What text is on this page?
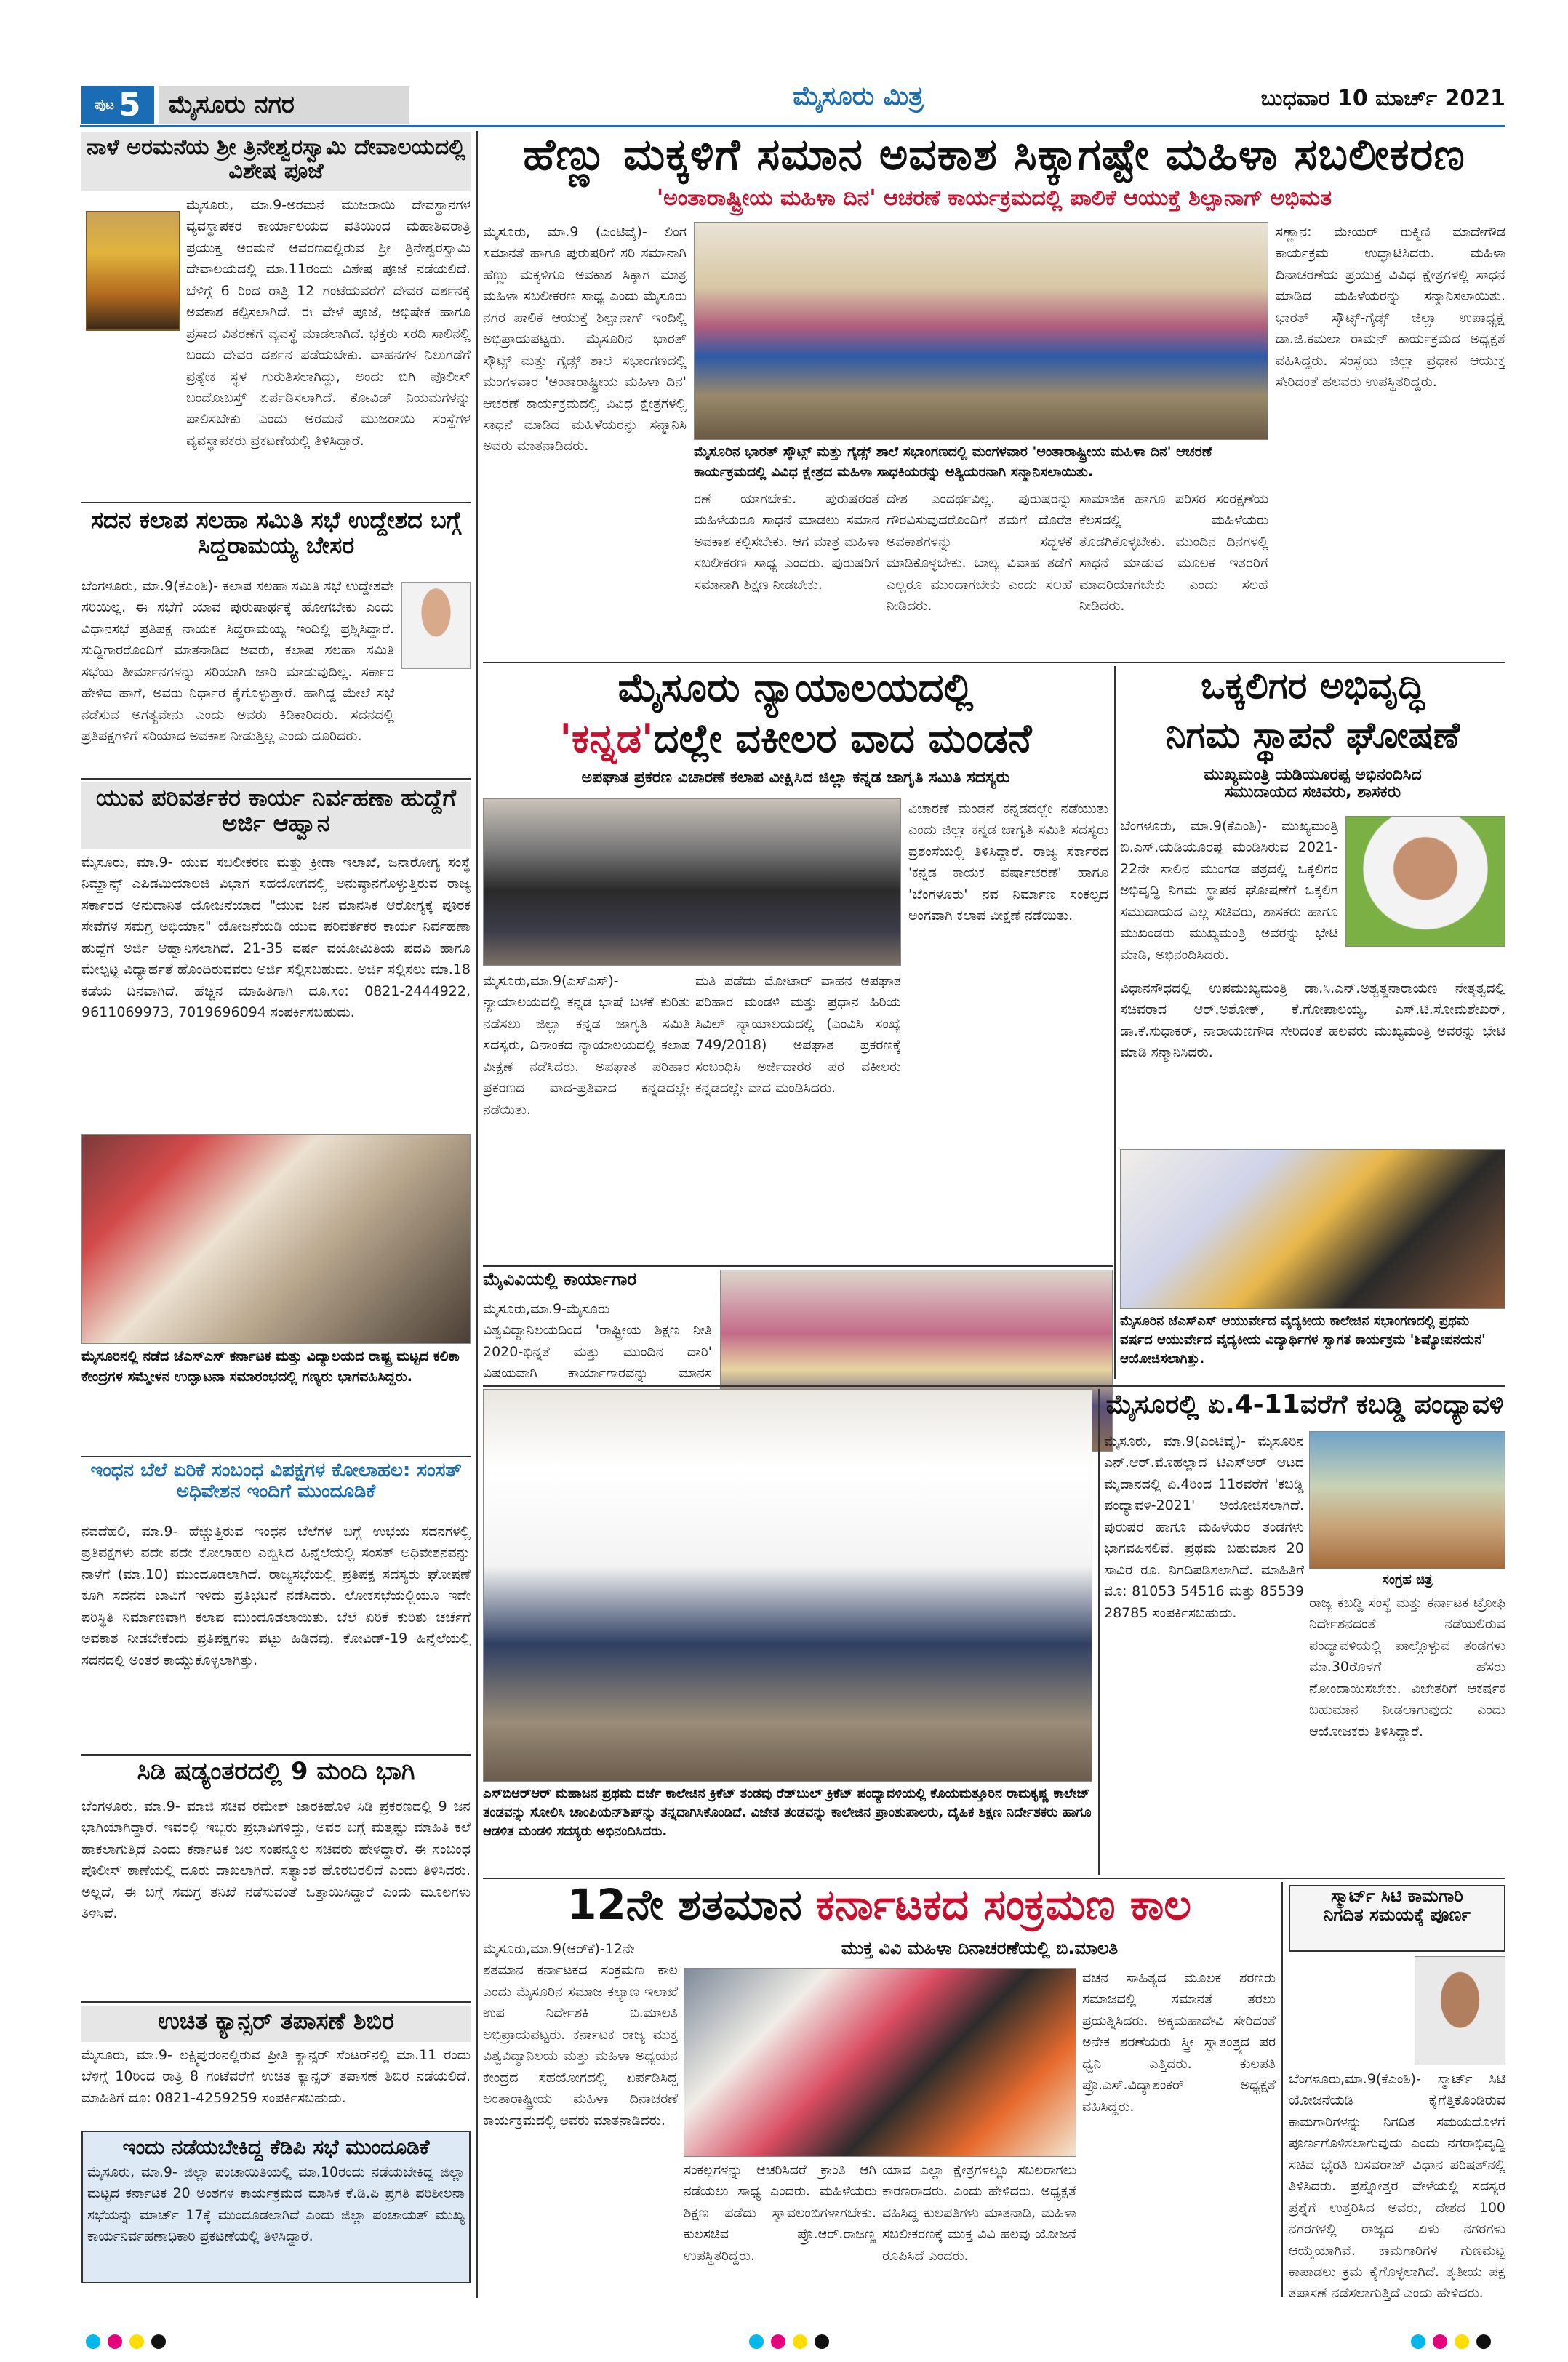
ಪುಟ 5	ಮೈಸೂರು ನಗರ	ಮೈಸೂರು ಮಿತ್ರ	ಬುಧವಾರ 10 ಮಾರ್ಚ್ 2021
ನಾಳೆ ಅರಮನೆಯ ಶ್ರೀ ತ್ರಿನೇಶ್ವರಸ್ವಾಮಿ ದೇವಾಲಯದಲ್ಲಿ ವಿಶೇಷ ಪೂಜೆ
ಮೈಸೂರು, ಮಾ.9-ಅರಮನೆ ಮುಜರಾಯಿ ದೇವಸ್ಥಾನಗಳ ವ್ಯವಸ್ಥಾಪಕರ ಕಾರ್ಯಾಲಯದ ವತಿಯಿಂದ ಮಹಾಶಿವರಾತ್ರಿ ಪ್ರಯುಕ್ತ ಅರಮನೆ ಆವರಣದಲ್ಲಿರುವ ಶ್ರೀ ತ್ರಿನೇಶ್ವರಸ್ವಾಮಿ ದೇವಾಲಯದಲ್ಲಿ ಮಾ.11ರಂದು ವಿಶೇಷ ಪೂಜೆ ನಡೆಯಲಿದೆ. ಬೆಳಿಗ್ಗೆ 6 ರಿಂದ ರಾತ್ರಿ 12 ಗಂಟೆಯವರೆಗೆ ದೇವರ ದರ್ಶನಕ್ಕೆ ಅವಕಾಶ ಕಲ್ಪಿಸಲಾಗಿದೆ. ಈ ವೇಳೆ ಪೂಜೆ, ಅಭಿಷೇಕ ಹಾಗೂ ಪ್ರಸಾದ ವಿತರಣೆಗೆ ವ್ಯವಸ್ಥೆ ಮಾಡಲಾಗಿದೆ. ಭಕ್ತರು ಸರದಿ ಸಾಲಿನಲ್ಲಿ ಬಂದು ದೇವರ ದರ್ಶನ ಪಡೆಯಬೇಕು. ವಾಹನಗಳ ನಿಲುಗಡೆಗೆ ಪ್ರತ್ಯೇಕ ಸ್ಥಳ ಗುರುತಿಸಲಾಗಿದ್ದು, ಅಂದು ಬಿಗಿ ಪೊಲೀಸ್ ಬಂದೋಬಸ್ತ್ ಏರ್ಪಡಿಸಲಾಗಿದೆ. ಕೋವಿಡ್ ನಿಯಮಗಳನ್ನು ಪಾಲಿಸಬೇಕು ಎಂದು ಅರಮನೆ ಮುಜರಾಯಿ ಸಂಸ್ಥೆಗಳ ವ್ಯವಸ್ಥಾಪಕರು ಪ್ರಕಟಣೆಯಲ್ಲಿ ತಿಳಿಸಿದ್ದಾರೆ.
ಸದನ ಕಲಾಪ ಸಲಹಾ ಸಮಿತಿ ಸಭೆ ಉದ್ದೇಶದ ಬಗ್ಗೆ ಸಿದ್ದರಾಮಯ್ಯ ಬೇಸರ
ಬೆಂಗಳೂರು, ಮಾ.9(ಕೆಎಂಶಿ)- ಕಲಾಪ ಸಲಹಾ ಸಮಿತಿ ಸಭೆ ಉದ್ದೇಶವೇ ಸರಿಯಿಲ್ಲ. ಈ ಸಭೆಗೆ ಯಾವ ಪುರುಷಾರ್ಥಕ್ಕೆ ಹೋಗಬೇಕು ಎಂದು ವಿಧಾನಸಭೆ ಪ್ರತಿಪಕ್ಷ ನಾಯಕ ಸಿದ್ದರಾಮಯ್ಯ ಇಂದಿಲ್ಲಿ ಪ್ರಶ್ನಿಸಿದ್ದಾರೆ. ಸುದ್ದಿಗಾರರೊಂದಿಗೆ ಮಾತನಾಡಿದ ಅವರು, ಕಲಾಪ ಸಲಹಾ ಸಮಿತಿ ಸಭೆಯ ತೀರ್ಮಾನಗಳನ್ನು ಸರಿಯಾಗಿ ಜಾರಿ ಮಾಡುವುದಿಲ್ಲ. ಸರ್ಕಾರ ಹೇಳಿದ ಹಾಗೆ, ಅವರು ನಿರ್ಧಾರ ಕೈಗೊಳ್ಳುತ್ತಾರೆ. ಹಾಗಿದ್ದ ಮೇಲೆ ಸಭೆ ನಡೆಸುವ ಅಗತ್ಯವೇನು ಎಂದು ಅವರು ಕಿಡಿಕಾರಿದರು. ಸದನದಲ್ಲಿ ಪ್ರತಿಪಕ್ಷಗಳಿಗೆ ಸರಿಯಾದ ಅವಕಾಶ ನೀಡುತ್ತಿಲ್ಲ ಎಂದು ದೂರಿದರು.
ಯುವ ಪರಿವರ್ತಕರ ಕಾರ್ಯ ನಿರ್ವಹಣಾ ಹುದ್ದೆಗೆ ಅರ್ಜಿ ಆಹ್ವಾನ
ಮೈಸೂರು, ಮಾ.9- ಯುವ ಸಬಲೀಕರಣ ಮತ್ತು ಕ್ರೀಡಾ ಇಲಾಖೆ, ಜನಾರೋಗ್ಯ ಸಂಸ್ಥೆ ನಿಮ್ಹಾನ್ಸ್ ಎಪಿಡಮಿಯಾಲಜಿ ವಿಭಾಗ ಸಹಯೋಗದಲ್ಲಿ ಅನುಷ್ಠಾನಗೊಳ್ಳುತ್ತಿರುವ ರಾಜ್ಯ ಸರ್ಕಾರದ ಅನುದಾನಿತ ಯೋಜನೆಯಾದ "ಯುವ ಜನ ಮಾನಸಿಕ ಆರೋಗ್ಯಕ್ಕೆ ಪೂರಕ ಸೇವೆಗಳ ಸಮಗ್ರ ಅಭಿಯಾನ" ಯೋಜನೆಯಡಿ ಯುವ ಪರಿವರ್ತಕರ ಕಾರ್ಯ ನಿರ್ವಹಣಾ ಹುದ್ದೆಗೆ ಅರ್ಜಿ ಆಹ್ವಾನಿಸಲಾಗಿದೆ. 21-35 ವರ್ಷ ವಯೋಮಿತಿಯ ಪದವಿ ಹಾಗೂ ಮೇಲ್ಪಟ್ಟ ವಿದ್ಯಾರ್ಹತೆ ಹೊಂದಿರುವವರು ಅರ್ಜಿ ಸಲ್ಲಿಸಬಹುದು. ಅರ್ಜಿ ಸಲ್ಲಿಸಲು ಮಾ.18 ಕಡೆಯ ದಿನವಾಗಿದೆ. ಹೆಚ್ಚಿನ ಮಾಹಿತಿಗಾಗಿ ದೂ.ಸಂ: 0821-2444922, 9611069973, 7019696094 ಸಂಪರ್ಕಿಸಬಹುದು.
ಮೈಸೂರಿನಲ್ಲಿ ನಡೆದ ಜೆಎಸ್‌ಎಸ್ ಕರ್ನಾಟಕ ಮತ್ತು ವಿದ್ಯಾಲಯದ ರಾಷ್ಟ್ರ ಮಟ್ಟದ ಕಲಿಕಾ ಕೇಂದ್ರಗಳ ಸಮ್ಮೇಳನ ಉದ್ಘಾಟನಾ ಸಮಾರಂಭದಲ್ಲಿ ಗಣ್ಯರು ಭಾಗವಹಿಸಿದ್ದರು.
ಇಂಧನ ಬೆಲೆ ಏರಿಕೆ ಸಂಬಂಧ ವಿಪಕ್ಷಗಳ ಕೋಲಾಹಲ: ಸಂಸತ್ ಅಧಿವೇಶನ ಇಂದಿಗೆ ಮುಂದೂಡಿಕೆ
ನವದೆಹಲಿ, ಮಾ.9- ಹೆಚ್ಚುತ್ತಿರುವ ಇಂಧನ ಬೆಲೆಗಳ ಬಗ್ಗೆ ಉಭಯ ಸದನಗಳಲ್ಲಿ ಪ್ರತಿಪಕ್ಷಗಳು ಪದೇ ಪದೇ ಕೋಲಾಹಲ ಎಬ್ಬಿಸಿದ ಹಿನ್ನೆಲೆಯಲ್ಲಿ ಸಂಸತ್ ಅಧಿವೇಶನವನ್ನು ನಾಳೆಗೆ (ಮಾ.10) ಮುಂದೂಡಲಾಗಿದೆ. ರಾಜ್ಯಸಭೆಯಲ್ಲಿ ಪ್ರತಿಪಕ್ಷ ಸದಸ್ಯರು ಘೋಷಣೆ ಕೂಗಿ ಸದನದ ಬಾವಿಗೆ ಇಳಿದು ಪ್ರತಿಭಟನೆ ನಡೆಸಿದರು. ಲೋಕಸಭೆಯಲ್ಲಿಯೂ ಇದೇ ಪರಿಸ್ಥಿತಿ ನಿರ್ಮಾಣವಾಗಿ ಕಲಾಪ ಮುಂದೂಡಲಾಯಿತು. ಬೆಲೆ ಏರಿಕೆ ಕುರಿತು ಚರ್ಚೆಗೆ ಅವಕಾಶ ನೀಡಬೇಕೆಂದು ಪ್ರತಿಪಕ್ಷಗಳು ಪಟ್ಟು ಹಿಡಿದವು. ಕೋವಿಡ್-19 ಹಿನ್ನೆಲೆಯಲ್ಲಿ ಸದನದಲ್ಲಿ ಅಂತರ ಕಾಯ್ದುಕೊಳ್ಳಲಾಗಿತ್ತು.
ಸಿಡಿ ಷಡ್ಯಂತರದಲ್ಲಿ 9 ಮಂದಿ ಭಾಗಿ
ಬೆಂಗಳೂರು, ಮಾ.9- ಮಾಜಿ ಸಚಿವ ರಮೇಶ್ ಜಾರಕಿಹೊಳಿ ಸಿಡಿ ಪ್ರಕರಣದಲ್ಲಿ 9 ಜನ ಭಾಗಿಯಾಗಿದ್ದಾರೆ. ಇವರಲ್ಲಿ ಇಬ್ಬರು ಪ್ರಭಾವಿಗಳಿದ್ದು, ಅವರ ಬಗ್ಗೆ ಮತ್ತಷ್ಟು ಮಾಹಿತಿ ಕಲೆ ಹಾಕಲಾಗುತ್ತಿದೆ ಎಂದು ಕರ್ನಾಟಕ ಜಲ ಸಂಪನ್ಮೂಲ ಸಚಿವರು ಹೇಳಿದ್ದಾರೆ. ಈ ಸಂಬಂಧ ಪೊಲೀಸ್ ಠಾಣೆಯಲ್ಲಿ ದೂರು ದಾಖಲಾಗಿದೆ. ಸತ್ಯಾಂಶ ಹೊರಬರಲಿದೆ ಎಂದು ತಿಳಿಸಿದರು. ಅಲ್ಲದೆ, ಈ ಬಗ್ಗೆ ಸಮಗ್ರ ತನಿಖೆ ನಡೆಸುವಂತೆ ಒತ್ತಾಯಿಸಿದ್ದಾರೆ ಎಂದು ಮೂಲಗಳು ತಿಳಿಸಿವೆ.
ಉಚಿತ ಕ್ಯಾನ್ಸರ್ ತಪಾಸಣೆ ಶಿಬಿರ
ಮೈಸೂರು, ಮಾ.9- ಲಕ್ಷ್ಮಿಪುರಂನಲ್ಲಿರುವ ಪ್ರೀತಿ ಕ್ಯಾನ್ಸರ್ ಸೆಂಟರ್‌ನಲ್ಲಿ ಮಾ.11 ರಂದು ಬೆಳಿಗ್ಗೆ 10ರಿಂದ ರಾತ್ರಿ 8 ಗಂಟೆವರೆಗೆ ಉಚಿತ ಕ್ಯಾನ್ಸರ್ ತಪಾಸಣೆ ಶಿಬಿರ ನಡೆಯಲಿದೆ. ಮಾಹಿತಿಗೆ ದೂ: 0821-4259259 ಸಂಪರ್ಕಿಸಬಹುದು.
ಇಂದು ನಡೆಯಬೇಕಿದ್ದ ಕೆಡಿಪಿ ಸಭೆ ಮುಂದೂಡಿಕೆ
ಮೈಸೂರು, ಮಾ.9- ಜಿಲ್ಲಾ ಪಂಚಾಯಿತಿಯಲ್ಲಿ ಮಾ.10ರಂದು ನಡೆಯಬೇಕಿದ್ದ ಜಿಲ್ಲಾ ಮಟ್ಟದ ಕರ್ನಾಟಕ 20 ಅಂಶಗಳ ಕಾರ್ಯಕ್ರಮದ ಮಾಸಿಕ ಕೆ.ಡಿ.ಪಿ ಪ್ರಗತಿ ಪರಿಶೀಲನಾ ಸಭೆಯನ್ನು ಮಾರ್ಚ್ 17ಕ್ಕೆ ಮುಂದೂಡಲಾಗಿದೆ ಎಂದು ಜಿಲ್ಲಾ ಪಂಚಾಯತ್ ಮುಖ್ಯ ಕಾರ್ಯನಿರ್ವಹಣಾಧಿಕಾರಿ ಪ್ರಕಟಣೆಯಲ್ಲಿ ತಿಳಿಸಿದ್ದಾರೆ.
ಹೆಣ್ಣು ಮಕ್ಕಳಿಗೆ ಸಮಾನ ಅವಕಾಶ ಸಿಕ್ಕಾಗಷ್ಟೇ ಮಹಿಳಾ ಸಬಲೀಕರಣ
'ಅಂತಾರಾಷ್ಟ್ರೀಯ ಮಹಿಳಾ ದಿನ' ಆಚರಣೆ ಕಾರ್ಯಕ್ರಮದಲ್ಲಿ ಪಾಲಿಕೆ ಆಯುಕ್ತೆ ಶಿಲ್ಪಾನಾಗ್ ಅಭಿಮತ
ಮೈಸೂರು, ಮಾ.9 (ಎಂಟಿವೈ)- ಲಿಂಗ ಸಮಾನತೆ ಹಾಗೂ ಪುರುಷರಿಗೆ ಸರಿ ಸಮಾನಾಗಿ ಹೆಣ್ಣು ಮಕ್ಕಳಿಗೂ ಅವಕಾಶ ಸಿಕ್ಕಾಗ ಮಾತ್ರ ಮಹಿಳಾ ಸಬಲೀಕರಣ ಸಾಧ್ಯ ಎಂದು ಮೈಸೂರು ನಗರ ಪಾಲಿಕೆ ಆಯುಕ್ತೆ ಶಿಲ್ಪಾನಾಗ್ ಇಂದಿಲ್ಲಿ ಅಭಿಪ್ರಾಯಪಟ್ಟರು. ಮೈಸೂರಿನ ಭಾರತ್ ಸ್ಕೌಟ್ಸ್ ಮತ್ತು ಗೈಡ್ಸ್ ಶಾಲೆ ಸಭಾಂಗಣದಲ್ಲಿ ಮಂಗಳವಾರ 'ಅಂತಾರಾಷ್ಟ್ರೀಯ ಮಹಿಳಾ ದಿನ' ಆಚರಣೆ ಕಾರ್ಯಕ್ರಮದಲ್ಲಿ ವಿವಿಧ ಕ್ಷೇತ್ರಗಳಲ್ಲಿ ಸಾಧನೆ ಮಾಡಿದ ಮಹಿಳೆಯರನ್ನು ಸನ್ಮಾನಿಸಿ ಅವರು ಮಾತನಾಡಿದರು.	ಮೈಸೂರಿನ ಭಾರತ್ ಸ್ಕೌಟ್ಸ್ ಮತ್ತು ಗೈಡ್ಸ್ ಶಾಲೆ ಸಭಾಂಗಣದಲ್ಲಿ ಮಂಗಳವಾರ 'ಅಂತಾರಾಷ್ಟ್ರೀಯ ಮಹಿಳಾ ದಿನ' ಆಚರಣೆ ಕಾರ್ಯಕ್ರಮದಲ್ಲಿ ವಿವಿಧ ಕ್ಷೇತ್ರದ ಮಹಿಳಾ ಸಾಧಕಿಯರನ್ನು ಅತ್ಯಿಯರನಾಗಿ ಸನ್ಮಾನಿಸಲಾಯಿತು.
ಸಣ್ಣಾನ: ಮೇಯರ್ ರುಕ್ಮಿಣಿ ಮಾದೇಗೌಡ ಕಾರ್ಯಕ್ರಮ ಉದ್ಘಾಟಿಸಿದರು. ಮಹಿಳಾ ದಿನಾಚರಣೆಯ ಪ್ರಯುಕ್ತ ವಿವಿಧ ಕ್ಷೇತ್ರಗಳಲ್ಲಿ ಸಾಧನೆ ಮಾಡಿದ ಮಹಿಳೆಯರನ್ನು ಸನ್ಮಾನಿಸಲಾಯಿತು. ಭಾರತ್ ಸ್ಕೌಟ್ಸ್-ಗೈಡ್ಸ್ ಜಿಲ್ಲಾ ಉಪಾಧ್ಯಕ್ಷೆ ಡಾ.ಜಿ.ಕಮಲಾ ರಾಮನ್ ಕಾರ್ಯಕ್ರಮದ ಅಧ್ಯಕ್ಷತೆ ವಹಿಸಿದ್ದರು. ಸಂಸ್ಥೆಯ ಜಿಲ್ಲಾ ಪ್ರಧಾನ ಆಯುಕ್ತ ಸೇರಿದಂತೆ ಹಲವರು ಉಪಸ್ಥಿತರಿದ್ದರು.
ರಣೆ ಯಾಗಬೇಕು. ಪುರುಷರಂತೆ ಮಹಿಳೆಯರೂ ಸಾಧನೆ ಮಾಡಲು ಸಮಾನ ಅವಕಾಶ ಕಲ್ಪಿಸಬೇಕು. ಆಗ ಮಾತ್ರ ಮಹಿಳಾ ಸಬಲೀಕರಣ ಸಾಧ್ಯ ಎಂದರು. ಪುರುಷರಿಗೆ ಸಮಾನಾಗಿ ಶಿಕ್ಷಣ ನೀಡಬೇಕು.
ದೇಶ ಎಂದರ್ಥವಿಲ್ಲ. ಪುರುಷರನ್ನು ಗೌರವಿಸುವುದರೊಂದಿಗೆ ತಮಗೆ ದೊರೆತ ಅವಕಾಶಗಳನ್ನು ಸದ್ಬಳಕೆ ಮಾಡಿಕೊಳ್ಳಬೇಕು. ಬಾಲ್ಯ ವಿವಾಹ ತಡೆಗೆ ಎಲ್ಲರೂ ಮುಂದಾಗಬೇಕು ಎಂದು ಸಲಹೆ ನೀಡಿದರು.
ಸಾಮಾಜಿಕ ಹಾಗೂ ಪರಿಸರ ಸಂರಕ್ಷಣೆಯ ಕೆಲಸದಲ್ಲಿ ಮಹಿಳೆಯರು ತೊಡಗಿಕೊಳ್ಳಬೇಕು. ಮುಂದಿನ ದಿನಗಳಲ್ಲಿ ಸಾಧನೆ ಮಾಡುವ ಮೂಲಕ ಇತರರಿಗೆ ಮಾದರಿಯಾಗಬೇಕು ಎಂದು ಸಲಹೆ ನೀಡಿದರು.
ಮೈಸೂರು ನ್ಯಾಯಾಲಯದಲ್ಲಿ
'ಕನ್ನಡ'ದಲ್ಲೇ ವಕೀಲರ ವಾದ ಮಂಡನೆ
ಅಪಘಾತ ಪ್ರಕರಣ ವಿಚಾರಣೆ ಕಲಾಪ ವೀಕ್ಷಿಸಿದ ಜಿಲ್ಲಾ ಕನ್ನಡ ಜಾಗೃತಿ ಸಮಿತಿ ಸದಸ್ಯರು
ವಿಚಾರಣೆ ಮಂಡನೆ ಕನ್ನಡದಲ್ಲೇ ನಡೆಯುತು ಎಂದು ಜಿಲ್ಲಾ ಕನ್ನಡ ಜಾಗೃತಿ ಸಮಿತಿ ಸದಸ್ಯರು ಪ್ರಶಂಸೆಯಲ್ಲಿ ತಿಳಿಸಿದ್ದಾರೆ. ರಾಜ್ಯ ಸರ್ಕಾರದ 'ಕನ್ನಡ ಕಾಯಕ ವರ್ಷಾಚರಣೆ' ಹಾಗೂ 'ಬೆಂಗಳೂರು' ನವ ನಿರ್ಮಾಣ ಸಂಕಲ್ಪದ ಅಂಗವಾಗಿ ಕಲಾಪ ವೀಕ್ಷಣೆ ನಡೆಯಿತು.
ಮೈಸೂರು,ಮಾ.9(ಎಸ್‌ಎಸ್)- ನ್ಯಾಯಾಲಯದಲ್ಲಿ ಕನ್ನಡ ಭಾಷೆ ಬಳಕೆ ಕುರಿತು ನಡೆಸಲು ಜಿಲ್ಲಾ ಕನ್ನಡ ಜಾಗೃತಿ ಸಮಿತಿ ಸದಸ್ಯರು, ದಿನಾಂಕದ ನ್ಯಾಯಾಲಯದಲ್ಲಿ ಕಲಾಪ ವೀಕ್ಷಣೆ ನಡೆಸಿದರು. ಅಪಘಾತ ಪರಿಹಾರ ಪ್ರಕರಣದ ವಾದ-ಪ್ರತಿವಾದ ಕನ್ನಡದಲ್ಲೇ ನಡೆಯಿತು.
ಮತಿ ಪಡೆದು ಮೋಟಾರ್ ವಾಹನ ಅಪಘಾತ ಪರಿಹಾರ ಮಂಡಳಿ ಮತ್ತು ಪ್ರಧಾನ ಹಿರಿಯ ಸಿವಿಲ್ ನ್ಯಾಯಾಲಯದಲ್ಲಿ (ಎಂವಿಸಿ ಸಂಖ್ಯೆ 749/2018) ಅಪಘಾತ ಪ್ರಕರಣಕ್ಕೆ ಸಂಬಂಧಿಸಿ ಅರ್ಜಿದಾರರ ಪರ ವಕೀಲರು ಕನ್ನಡದಲ್ಲೇ ವಾದ ಮಂಡಿಸಿದರು.
ಒಕ್ಕಲಿಗರ ಅಭಿವೃದ್ಧಿ
ನಿಗಮ ಸ್ಥಾಪನೆ ಘೋಷಣೆ
ಮುಖ್ಯಮಂತ್ರಿ ಯಡಿಯೂರಪ್ಪ ಅಭಿನಂದಿಸಿದ
ಸಮುದಾಯದ ಸಚಿವರು, ಶಾಸಕರು
ಬೆಂಗಳೂರು, ಮಾ.9(ಕೆಎಂಶಿ)- ಮುಖ್ಯಮಂತ್ರಿ ಬಿ.ಎಸ್.ಯಡಿಯೂರಪ್ಪ ಮಂಡಿಸಿರುವ 2021-22ನೇ ಸಾಲಿನ ಮುಂಗಡ ಪತ್ರದಲ್ಲಿ ಒಕ್ಕಲಿಗರ ಅಭಿವೃದ್ಧಿ ನಿಗಮ ಸ್ಥಾಪನೆ ಘೋಷಣೆಗೆ ಒಕ್ಕಲಿಗ ಸಮುದಾಯದ ಎಲ್ಲ ಸಚಿವರು, ಶಾಸಕರು ಹಾಗೂ ಮುಖಂಡರು ಮುಖ್ಯಮಂತ್ರಿ ಅವರನ್ನು ಭೇಟಿ ಮಾಡಿ, ಅಭಿನಂದಿಸಿದರು.
ವಿಧಾನಸೌಧದಲ್ಲಿ ಉಪಮುಖ್ಯಮಂತ್ರಿ ಡಾ.ಸಿ.ಎನ್.ಅಶ್ವತ್ಥನಾರಾಯಣ ನೇತೃತ್ವದಲ್ಲಿ ಸಚಿವರಾದ ಆರ್.ಅಶೋಕ್, ಕೆ.ಗೋಪಾಲಯ್ಯ, ಎಸ್.ಟಿ.ಸೋಮಶೇಖರ್, ಡಾ.ಕೆ.ಸುಧಾಕರ್, ನಾರಾಯಣಗೌಡ ಸೇರಿದಂತೆ ಹಲವರು ಮುಖ್ಯಮಂತ್ರಿ ಅವರನ್ನು ಭೇಟಿ ಮಾಡಿ ಸನ್ಮಾನಿಸಿದರು.
ಮೈಸೂರಿನ ಜೆಎಸ್‌ಎಸ್ ಆಯುರ್ವೇದ ವೈದ್ಯಕೀಯ ಕಾಲೇಜಿನ ಸಭಾಂಗಣದಲ್ಲಿ ಪ್ರಥಮ ವರ್ಷದ ಆಯುರ್ವೇದ ವೈದ್ಯಕೀಯ ವಿದ್ಯಾರ್ಥಿಗಳ ಸ್ವಾಗತ ಕಾರ್ಯಕ್ರಮ 'ಶಿಷ್ಯೋಪನಯನ' ಆಯೋಜಿಸಲಾಗಿತ್ತು.
ಮೈವಿವಿಯಲ್ಲಿ ಕಾರ್ಯಾಗಾರ
ಮೈಸೂರು,ಮಾ.9-ಮೈಸೂರು ವಿಶ್ವವಿದ್ಯಾನಿಲಯದಿಂದ 'ರಾಷ್ಟ್ರೀಯ ಶಿಕ್ಷಣ ನೀತಿ 2020-ಭಿನ್ನತೆ ಮತ್ತು ಮುಂದಿನ ದಾರಿ' ವಿಷಯವಾಗಿ ಕಾರ್ಯಾಗಾರವನ್ನು ಮಾನಸ
ಎಸ್‌ಬಿಆರ್‌ಆರ್ ಮಹಾಜನ ಪ್ರಥಮ ದರ್ಜೆ ಕಾಲೇಜಿನ ಕ್ರಿಕೆಟ್ ತಂಡವು ರೆಡ್‌ಬುಲ್ ಕ್ರಿಕೆಟ್ ಪಂದ್ಯಾವಳಿಯಲ್ಲಿ ಕೊಯಮತ್ತೂರಿನ ರಾಮಕೃಷ್ಣ ಕಾಲೇಜ್ ತಂಡವನ್ನು ಸೋಲಿಸಿ ಚಾಂಪಿಯನ್‌ಶಿಪ್‌ನ್ನು ತನ್ನದಾಗಿಸಿಕೊಂಡಿದೆ. ವಿಜೇತ ತಂಡವನ್ನು ಕಾಲೇಜಿನ ಪ್ರಾಂಶುಪಾಲರು, ದೈಹಿಕ ಶಿಕ್ಷಣ ನಿರ್ದೇಶಕರು ಹಾಗೂ ಆಡಳಿತ ಮಂಡಳಿ ಸದಸ್ಯರು ಅಭಿನಂದಿಸಿದರು.
ಮೈಸೂರಲ್ಲಿ ಏ.4-11ವರೆಗೆ ಕಬಡ್ಡಿ ಪಂದ್ಯಾವಳಿ
ಮೈಸೂರು, ಮಾ.9(ಎಂಟಿವೈ)- ಮೈಸೂರಿನ ಎನ್.ಆರ್.ಮೊಹಲ್ಲಾದ ಟಿಎಸ್ಆರ್ ಆಟದ ಮೈದಾನದಲ್ಲಿ ಏ.4ರಿಂದ 11ರವರೆಗೆ 'ಕಬಡ್ಡಿ ಪಂದ್ಯಾವಳಿ-2021' ಆಯೋಜಿಸಲಾಗಿದೆ. ಪುರುಷರ ಹಾಗೂ ಮಹಿಳೆಯರ ತಂಡಗಳು ಭಾಗವಹಿಸಲಿವೆ. ಪ್ರಥಮ ಬಹುಮಾನ 20 ಸಾವಿರ ರೂ. ನಿಗದಿಪಡಿಸಲಾಗಿದೆ. ಮಾಹಿತಿಗೆ ಮೊ: 81053 54516 ಮತ್ತು 85539 28785 ಸಂಪರ್ಕಿಸಬಹುದು.
ಸಂಗ್ರಹ ಚಿತ್ರ
ರಾಜ್ಯ ಕಬಡ್ಡಿ ಸಂಸ್ಥೆ ಮತ್ತು ಕರ್ನಾಟಕ ಟ್ರೋಫಿ ನಿರ್ದೇಶನದಂತೆ ನಡೆಯಲಿರುವ ಪಂದ್ಯಾವಳಿಯಲ್ಲಿ ಪಾಲ್ಗೊಳ್ಳುವ ತಂಡಗಳು ಮಾ.30ರೊಳಗೆ ಹೆಸರು ನೋಂದಾಯಿಸಬೇಕು. ವಿಜೇತರಿಗೆ ಆಕರ್ಷಕ ಬಹುಮಾನ ನೀಡಲಾಗುವುದು ಎಂದು ಆಯೋಜಕರು ತಿಳಿಸಿದ್ದಾರೆ.
12ನೇ ಶತಮಾನ ಕರ್ನಾಟಕದ ಸಂಕ್ರಮಣ ಕಾಲ
ಮುಕ್ತ ವಿವಿ ಮಹಿಳಾ ದಿನಾಚರಣೆಯಲ್ಲಿ ಬಿ.ಮಾಲತಿ
ಮೈಸೂರು,ಮಾ.9(ಆರ್‌ಕೆ)-12ನೇ ಶತಮಾನ ಕರ್ನಾಟಕದ ಸಂಕ್ರಮಣ ಕಾಲ ಎಂದು ಮೈಸೂರಿನ ಸಮಾಜ ಕಲ್ಯಾಣ ಇಲಾಖೆ ಉಪ ನಿರ್ದೇಶಕಿ ಬಿ.ಮಾಲತಿ ಅಭಿಪ್ರಾಯಪಟ್ಟರು. ಕರ್ನಾಟಕ ರಾಜ್ಯ ಮುಕ್ತ ವಿಶ್ವವಿದ್ಯಾನಿಲಯ ಮತ್ತು ಮಹಿಳಾ ಅಧ್ಯಯನ ಕೇಂದ್ರದ ಸಹಯೋಗದಲ್ಲಿ ಏರ್ಪಡಿಸಿದ್ದ ಅಂತಾರಾಷ್ಟ್ರೀಯ ಮಹಿಳಾ ದಿನಾಚರಣೆ ಕಾರ್ಯಕ್ರಮದಲ್ಲಿ ಅವರು ಮಾತನಾಡಿದರು.
ವಚನ ಸಾಹಿತ್ಯದ ಮೂಲಕ ಶರಣರು ಸಮಾಜದಲ್ಲಿ ಸಮಾನತೆ ತರಲು ಪ್ರಯತ್ನಿಸಿದರು. ಅಕ್ಕಮಹಾದೇವಿ ಸೇರಿದಂತೆ ಅನೇಕ ಶರಣೆಯರು ಸ್ತ್ರೀ ಸ್ವಾತಂತ್ರ್ಯದ ಪರ ಧ್ವನಿ ಎತ್ತಿದರು. ಕುಲಪತಿ ಪ್ರೊ.ಎಸ್.ವಿದ್ಯಾಶಂಕರ್ ಅಧ್ಯಕ್ಷತೆ ವಹಿಸಿದ್ದರು.
ಸಂಕಲ್ಪಗಳನ್ನು ಆಚರಿಸಿದರೆ ಕ್ರಾಂತಿ ಆಗಿ ನಡೆಯಲು ಸಾಧ್ಯ ಎಂದರು. ಮಹಿಳೆಯರು ಶಿಕ್ಷಣ ಪಡೆದು ಸ್ವಾವಲಂಬಿಗಳಾಗಬೇಕು. ಕುಲಸಚಿವ ಪ್ರೊ.ಆರ್.ರಾಜಣ್ಣ ಉಪಸ್ಥಿತರಿದ್ದರು.
ಯಾವ ಎಲ್ಲಾ ಕ್ಷೇತ್ರಗಳಲ್ಲೂ ಸಬಲರಾಗಲು ಕಾರಣರಾದರು. ಎಂದು ಹೇಳಿದರು. ಅಧ್ಯಕ್ಷತೆ ವಹಿಸಿದ್ದ ಕುಲಪತಿಗಳು ಮಾತನಾಡಿ, ಮಹಿಳಾ ಸಬಲೀಕರಣಕ್ಕೆ ಮುಕ್ತ ವಿವಿ ಹಲವು ಯೋಜನೆ ರೂಪಿಸಿದೆ ಎಂದರು.
ಸ್ಮಾರ್ಟ್ ಸಿಟಿ ಕಾಮಗಾರಿ
ನಿಗದಿತ ಸಮಯಕ್ಕೆ ಪೂರ್ಣ
ಬೆಂಗಳೂರು,ಮಾ.9(ಕೆಎಂಶಿ)- ಸ್ಮಾರ್ಟ್ ಸಿಟಿ ಯೋಜನೆಯಡಿ ಕೈಗೆತ್ತಿಕೊಂಡಿರುವ ಕಾಮಗಾರಿಗಳನ್ನು ನಿಗದಿತ ಸಮಯದೊಳಗೆ ಪೂರ್ಣಗೊಳಿಸಲಾಗುವುದು ಎಂದು ನಗರಾಭಿವೃದ್ಧಿ ಸಚಿವ ಭೈರತಿ ಬಸವರಾಜ್ ವಿಧಾನ ಪರಿಷತ್‌ನಲ್ಲಿ ತಿಳಿಸಿದರು. ಪ್ರಶ್ನೋತ್ತರ ವೇಳೆಯಲ್ಲಿ ಸದಸ್ಯರ ಪ್ರಶ್ನೆಗೆ ಉತ್ತರಿಸಿದ ಅವರು, ದೇಶದ 100 ನಗರಗಳಲ್ಲಿ ರಾಜ್ಯದ ಏಳು ನಗರಗಳು ಆಯ್ಕೆಯಾಗಿವೆ. ಕಾಮಗಾರಿಗಳ ಗುಣಮಟ್ಟ ಕಾಪಾಡಲು ಕ್ರಮ ಕೈಗೊಳ್ಳಲಾಗಿದೆ. ತೃತೀಯ ಪಕ್ಷ ತಪಾಸಣೆ ನಡೆಸಲಾಗುತ್ತಿದೆ ಎಂದು ಹೇಳಿದರು.
